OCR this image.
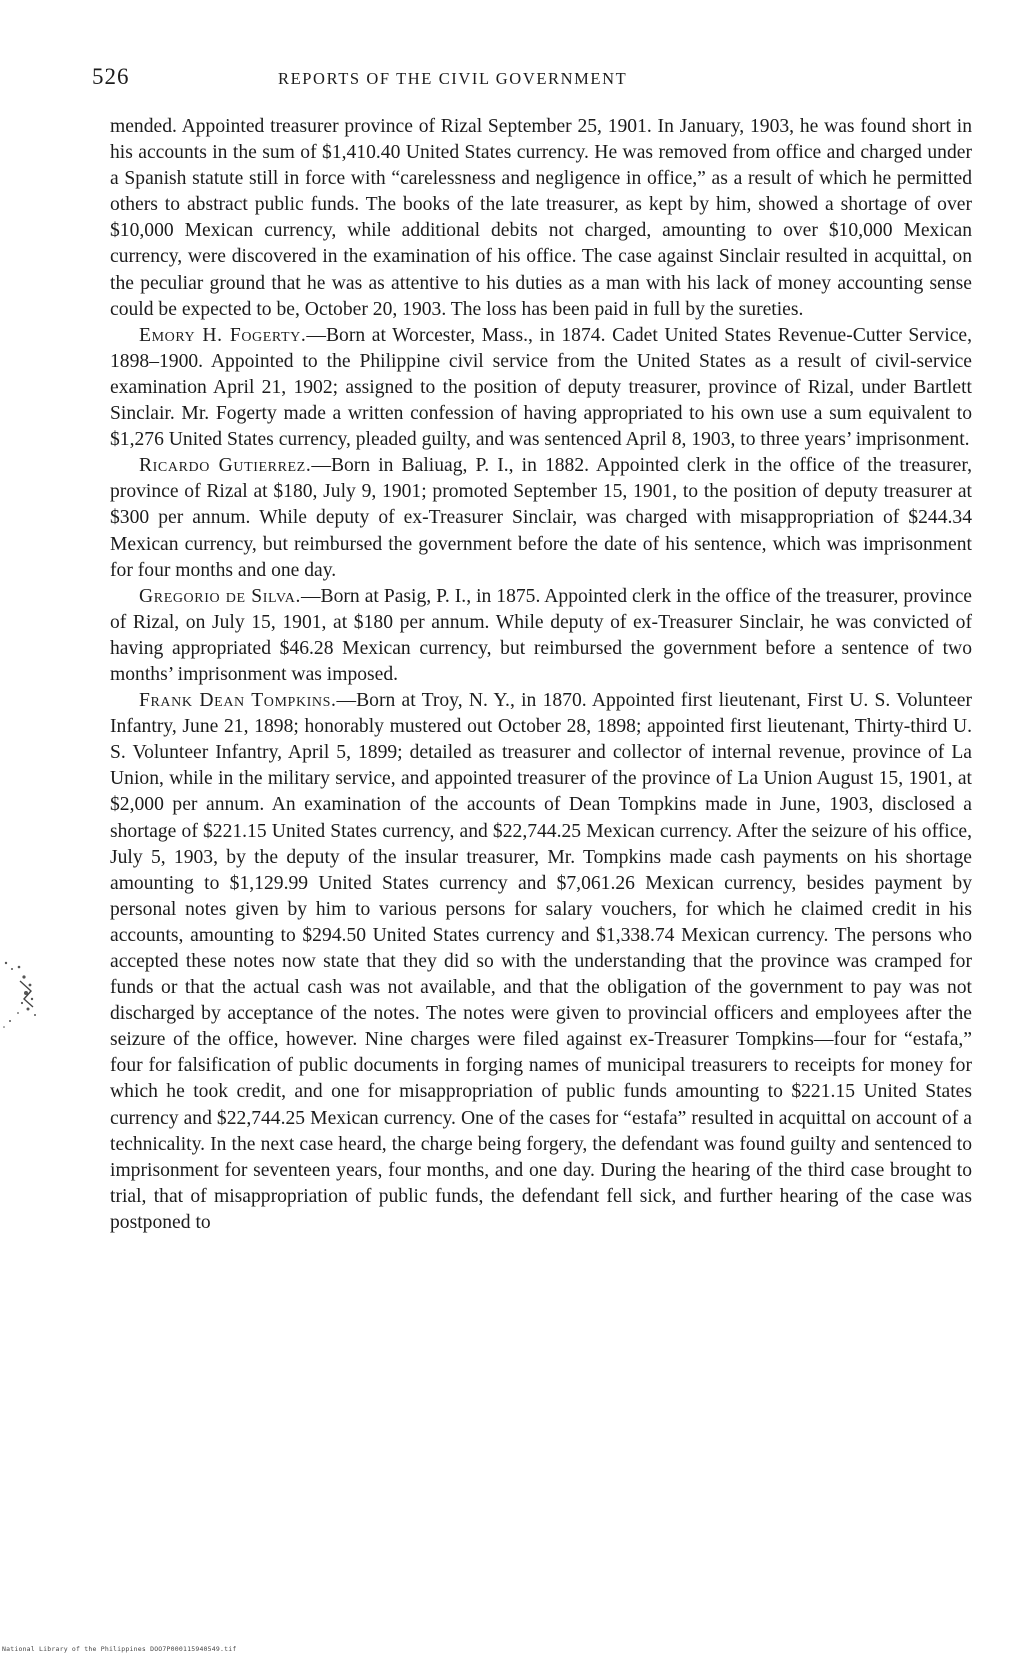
526	REPORTS OF THE CIVIL GOVERNMENT

mended. Appointed treasurer province of Rizal September 25, 1901. In January, 1903, he was found short in his accounts in the sum of $1,410.40 United States currency. He was removed from office and charged under a Spanish statute still in force with “carelessness and negligence in office,” as a result of which he permitted others to abstract public funds. The books of the late treasurer, as kept by him, showed a shortage of over $10,000 Mexican currency, while additional debits not charged, amounting to over $10,000 Mexican currency, were discovered in the examination of his office. The case against Sinclair resulted in acquittal, on the peculiar ground that he was as attentive to his duties as a man with his lack of money accounting sense could be expected to be, October 20, 1903. The loss has been paid in full by the sureties.

Emory H. Fogerty.—Born at Worcester, Mass., in 1874. Cadet United States Revenue-Cutter Service, 1898–1900. Appointed to the Philippine civil service from the United States as a result of civil-service examination April 21, 1902; assigned to the position of deputy treasurer, province of Rizal, under Bartlett Sinclair. Mr. Fogerty made a written confession of having appropriated to his own use a sum equivalent to $1,276 United States currency, pleaded guilty, and was sentenced April 8, 1903, to three years’ imprisonment.

Ricardo Gutierrez.—Born in Baliuag, P. I., in 1882. Appointed clerk in the office of the treasurer, province of Rizal at $180, July 9, 1901; promoted September 15, 1901, to the position of deputy treasurer at $300 per annum. While deputy of ex-Treasurer Sinclair, was charged with misappropriation of $244.34 Mexican currency, but reimbursed the government before the date of his sentence, which was imprisonment for four months and one day.

Gregorio de Silva.—Born at Pasig, P. I., in 1875. Appointed clerk in the office of the treasurer, province of Rizal, on July 15, 1901, at $180 per annum. While deputy of ex-Treasurer Sinclair, he was convicted of having appropriated $46.28 Mexican currency, but reimbursed the government before a sentence of two months’ imprisonment was imposed.

Frank Dean Tompkins.—Born at Troy, N. Y., in 1870. Appointed first lieutenant, First U. S. Volunteer Infantry, June 21, 1898; honorably mustered out October 28, 1898; appointed first lieutenant, Thirty-third U. S. Volunteer Infantry, April 5, 1899; detailed as treasurer and collector of internal revenue, province of La Union, while in the military service, and appointed treasurer of the province of La Union August 15, 1901, at $2,000 per annum. An examination of the accounts of Dean Tompkins made in June, 1903, disclosed a shortage of $221.15 United States currency, and $22,744.25 Mexican currency. After the seizure of his office, July 5, 1903, by the deputy of the insular treasurer, Mr. Tompkins made cash payments on his shortage amounting to $1,129.99 United States currency and $7,061.26 Mexican currency, besides payment by personal notes given by him to various persons for salary vouchers, for which he claimed credit in his accounts, amounting to $294.50 United States currency and $1,338.74 Mexican currency. The persons who accepted these notes now state that they did so with the understanding that the province was cramped for funds or that the actual cash was not available, and that the obligation of the government to pay was not discharged by acceptance of the notes. The notes were given to provincial officers and employees after the seizure of the office, however. Nine charges were filed against ex-Treasurer Tompkins—four for “estafa,” four for falsification of public documents in forging names of municipal treasurers to receipts for money for which he took credit, and one for misappropriation of public funds amounting to $221.15 United States currency and $22,744.25 Mexican currency. One of the cases for “estafa” resulted in acquittal on account of a technicality. In the next case heard, the charge being forgery, the defendant was found guilty and sentenced to imprisonment for seventeen years, four months, and one day. During the hearing of the third case brought to trial, that of misappropriation of public funds, the defendant fell sick, and further hearing of the case was postponed to

National Library of the Philippines DOO7P000115940549.tif
